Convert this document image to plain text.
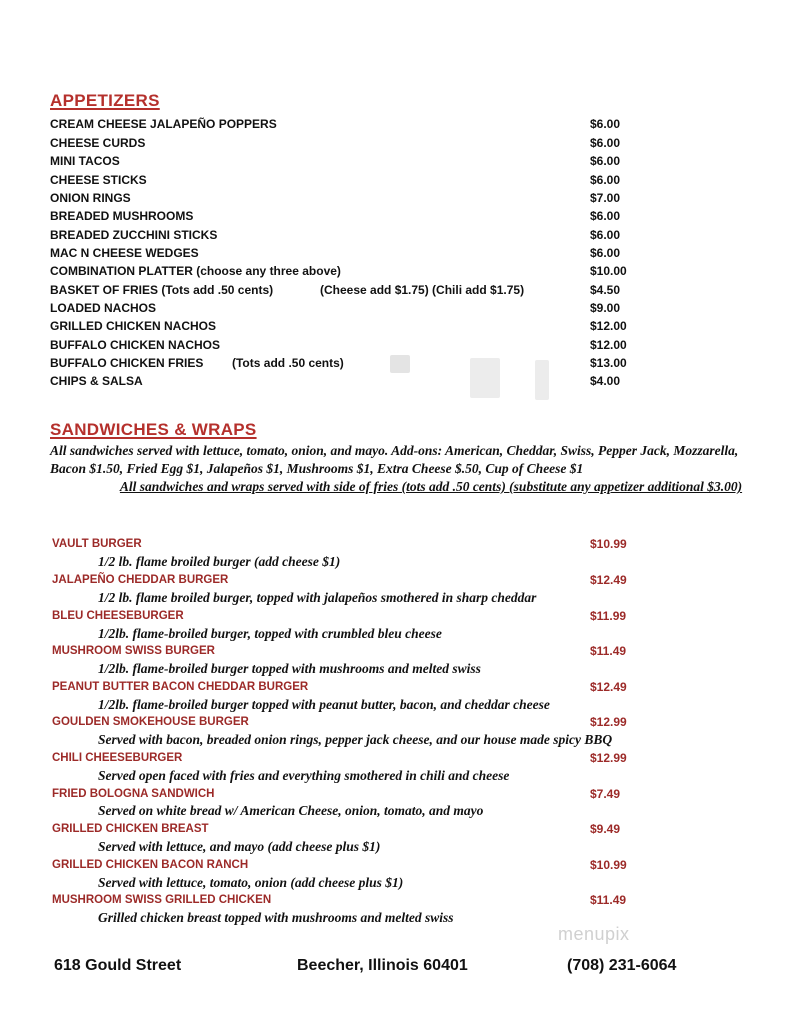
APPETIZERS
CREAM CHEESE JALAPEÑO POPPERS	$6.00
CHEESE CURDS	$6.00
MINI TACOS	$6.00
CHEESE STICKS	$6.00
ONION RINGS	$7.00
BREADED MUSHROOMS	$6.00
BREADED ZUCCHINI STICKS	$6.00
MAC N CHEESE WEDGES	$6.00
COMBINATION PLATTER (choose any three above)	$10.00
BASKET OF FRIES (Tots add .50 cents)	(Cheese add $1.75) (Chili add $1.75)	$4.50
LOADED NACHOS	$9.00
GRILLED CHICKEN NACHOS	$12.00
BUFFALO CHICKEN NACHOS	$12.00
BUFFALO CHICKEN FRIES (Tots add .50 cents)	$13.00
CHIPS & SALSA	$4.00
SANDWICHES & WRAPS

All sandwiches served with lettuce, tomato, onion, and mayo. Add-ons: American, Cheddar, Swiss, Pepper Jack, Mozzarella, Bacon $1.50, Fried Egg $1, Jalapeños $1, Mushrooms $1, Extra Cheese $.50, Cup of Cheese $1

All sandwiches and wraps served with side of fries (tots add .50 cents) (substitute any appetizer additional $3.00)

VAULT BURGER	$10.99
1/2 lb. flame broiled burger (add cheese $1)
JALAPEÑO CHEDDAR BURGER	$12.49
1/2 lb. flame broiled burger, topped with jalapeños smothered in sharp cheddar
BLEU CHEESEBURGER	$11.99
1/2lb. flame-broiled burger, topped with crumbled bleu cheese
MUSHROOM SWISS BURGER	$11.49
1/2lb. flame-broiled burger topped with mushrooms and melted swiss
PEANUT BUTTER BACON CHEDDAR BURGER	$12.49
1/2lb. flame-broiled burger topped with peanut butter, bacon, and cheddar cheese
GOULDEN SMOKEHOUSE BURGER	$12.99
Served with bacon, breaded onion rings, pepper jack cheese, and our house made spicy BBQ
CHILI CHEESEBURGER	$12.99
Served open faced with fries and everything smothered in chili and cheese
FRIED BOLOGNA SANDWICH	$7.49
Served on white bread w/ American Cheese, onion, tomato, and mayo
GRILLED CHICKEN BREAST	$9.49
Served with lettuce, and mayo (add cheese plus $1)
GRILLED CHICKEN BACON RANCH	$10.99
Served with lettuce, tomato, onion (add cheese plus $1)
MUSHROOM SWISS GRILLED CHICKEN	$11.49
Grilled chicken breast topped with mushrooms and melted swiss
menupix
618 Gould Street	Beecher, Illinois 60401	(708) 231-6064
